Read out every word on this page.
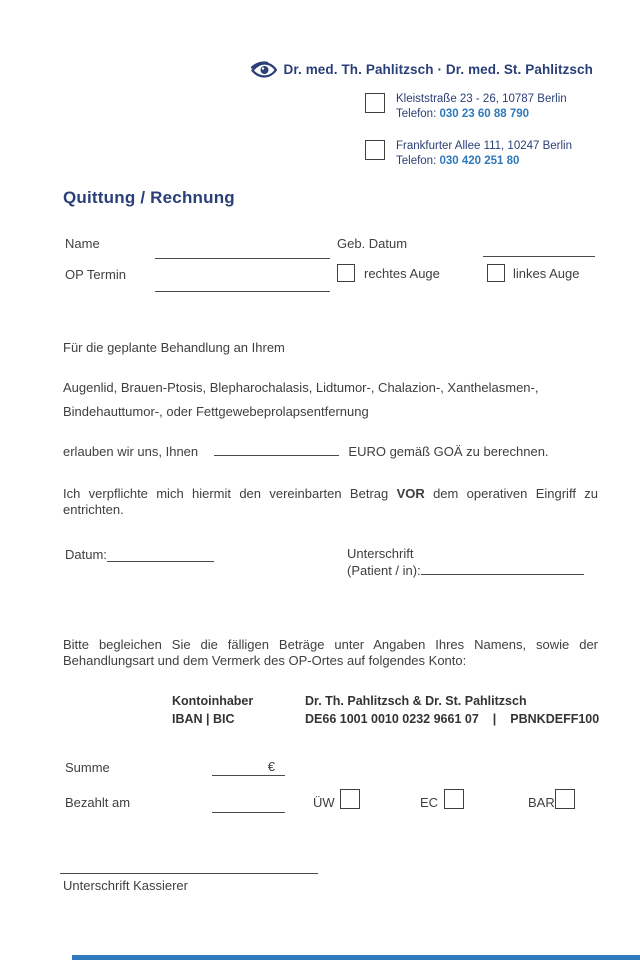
Dr. med. Th. Pahlitzsch · Dr. med. St. Pahlitzsch
Kleiststraße 23 - 26, 10787 Berlin
Telefon: 030 23 60 88 790
Frankfurter Allee 111, 10247 Berlin
Telefon: 030 420 251 80
Quittung / Rechnung
Name	Geb. Datum
OP Termin	rechtes Auge	linkes Auge
Für die geplante Behandlung an Ihrem
Augenlid, Brauen-Ptosis, Blepharochalasis, Lidtumor-, Chalazion-, Xanthelasmen-, Bindehauttumor-, oder Fettgewebeprolapsentfernung
erlauben wir uns, Ihnen	EURO gemäß GOÄ zu berechnen.
Ich verpflichte mich hiermit den vereinbarten Betrag VOR dem operativen Eingriff zu entrichten.
Datum:	Unterschrift
(Patient / in):
Bitte begleichen Sie die fälligen Beträge unter Angaben Ihres Namens, sowie der Behandlungsart und dem Vermerk des OP-Ortes auf folgendes Konto:
Kontoinhaber	Dr. Th. Pahlitzsch & Dr. St. Pahlitzsch
IBAN | BIC	DE66 1001 0010 0232 9661 07 | PBNKDEFF100
Summe	€
Bezahlt am	ÜW	EC	BAR
Unterschrift Kassierer
